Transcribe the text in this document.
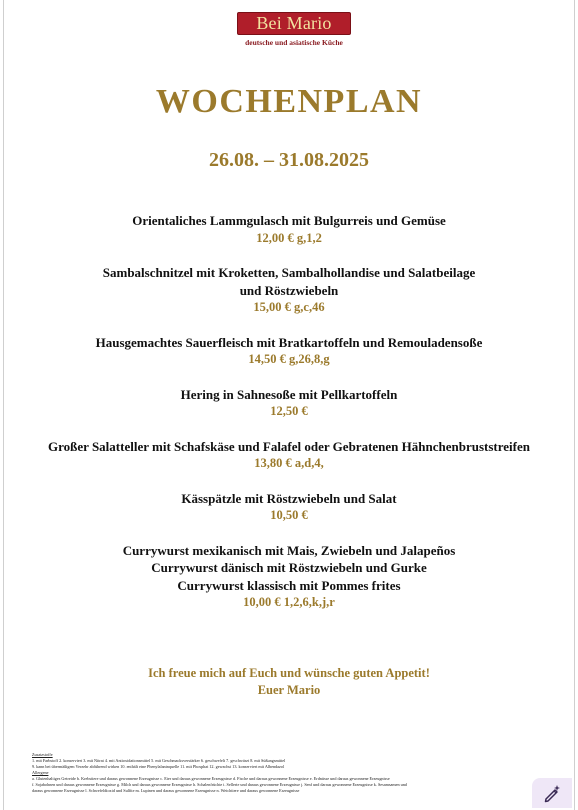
Bei Mario
deutsche und asiatische Küche
WOCHENPLAN
26.08. – 31.08.2025
Orientaliches Lammgulasch mit Bulgurreis und Gemüse
12,00 € g,1,2
Sambalschnitzel mit Kroketten, Sambalhollandise und Salatbeilage
und Röstzwiebeln
15,00 € g,c,46
Hausgemachtes Sauerfleisch mit Bratkartoffeln und Remouladensoße
14,50 € g,26,8,g
Hering in Sahnesoße mit Pellkartoffeln
12,50 €
Großer Salatteller mit Schafskäse und Falafel oder Gebratenen Hähnchenbruststreifen
13,80 € a,d,4,
Kässpätzle mit Röstzwiebeln und Salat
10,50 €
Currywurst mexikanisch mit Mais, Zwiebeln und Jalapeños
Currywurst dänisch mit Röstzwiebeln und Gurke
Currywurst klassisch mit Pommes frites
10,00 € 1,2,6,k,j,r
Ich freue mich auf Euch und wünsche guten Appetit!
Euer Mario
Zusatzstoffe
1. mit Farbstoff 2. konserviert 3. mit Nitrat 4. mit Antioxidationsmittel 5. mit Geschmacksverstärker 6. geschwefelt 7. geschwärzt 8. mit Süßungsmittel
9. kann bei übermäßigem Verzehr abführend wirken 10. enthält eine Phenylalaninquelle 11. mit Phosphat 12. gewachst 13. konserviert mit Albendazol
Allergene
a. Glutenhaltiges Getreide b. Krebstiere und daraus gewonnene Erzeugnisse c. Eier und daraus gewonnene Erzeugnisse d. Fische und daraus gewonnene Erzeugnisse e. Erdnüsse und daraus gewonnene Erzeugnisse
f. Sojabohnen und daraus gewonnene Erzeugnisse g. Milch und daraus gewonnene Erzeugnisse h. Schalenfrüchte i. Sellerie und daraus gewonnene Erzeugnisse j. Senf und daraus gewonnene Erzeugnisse k. Sesamsamen und
daraus gewonnene Erzeugnisse l. Schwefeldioxid und Sulfite m. Lupinen und daraus gewonnene Erzeugnisse n. Weichtiere und daraus gewonnene Erzeugnisse
